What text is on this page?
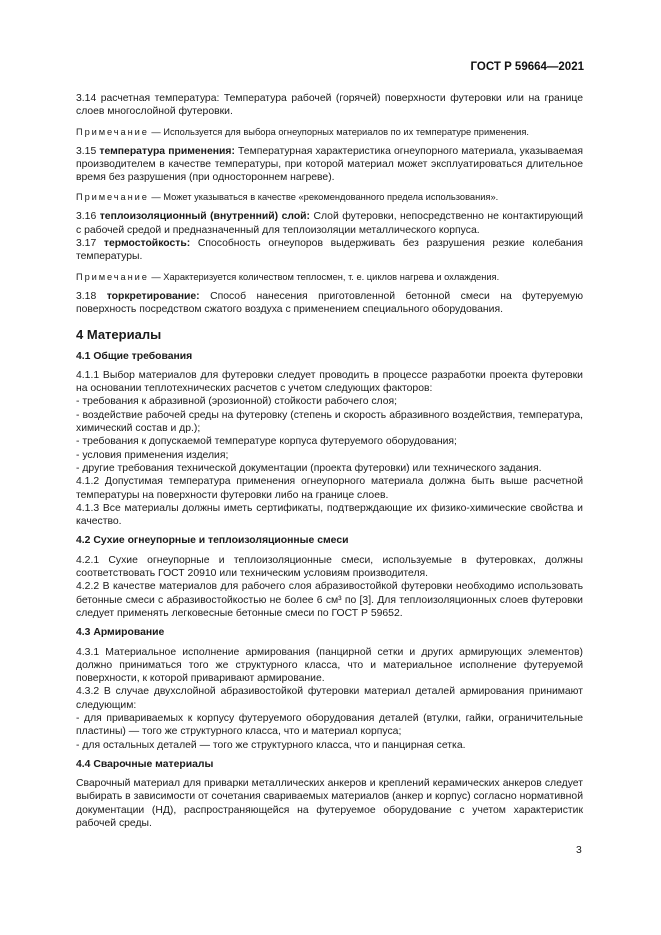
ГОСТ Р 59664—2021

3.14 расчетная температура: Температура рабочей (горячей) поверхности футеровки или на границе слоев многослойной футеровки.

Примечание — Используется для выбора огнеупорных материалов по их температуре применения.

3.15 температура применения: Температурная характеристика огнеупорного материала, указываемая производителем в качестве температуры, при которой материал может эксплуатироваться длительное время без разрушения (при одностороннем нагреве).

Примечание — Может указываться в качестве «рекомендованного предела использования».

3.16 теплоизоляционный (внутренний) слой: Слой футеровки, непосредственно не контактирующий с рабочей средой и предназначенный для теплоизоляции металлического корпуса.

3.17 термостойкость: Способность огнеупоров выдерживать без разрушения резкие колебания температуры.

Примечание — Характеризуется количеством теплосмен, т. е. циклов нагрева и охлаждения.

3.18 торкретирование: Способ нанесения приготовленной бетонной смеси на футеруемую поверхность посредством сжатого воздуха с применением специального оборудования.

4 Материалы
4.1 Общие требования

4.1.1 Выбор материалов для футеровки следует проводить в процессе разработки проекта футеровки на основании теплотехнических расчетов с учетом следующих факторов:

- требования к абразивной (эрозионной) стойкости рабочего слоя;

- воздействие рабочей среды на футеровку (степень и скорость абразивного воздействия, температура, химический состав и др.);

- требования к допускаемой температуре корпуса футеруемого оборудования;

- условия применения изделия;

- другие требования технической документации (проекта футеровки) или технического задания.

4.1.2 Допустимая температура применения огнеупорного материала должна быть выше расчетной температуры на поверхности футеровки либо на границе слоев.

4.1.3 Все материалы должны иметь сертификаты, подтверждающие их физико-химические свойства и качество.

4.2 Сухие огнеупорные и теплоизоляционные смеси

4.2.1 Сухие огнеупорные и теплоизоляционные смеси, используемые в футеровках, должны соответствовать ГОСТ 20910 или техническим условиям производителя.

4.2.2 В качестве материалов для рабочего слоя абразивостойкой футеровки необходимо использовать бетонные смеси с абразивостойкостью не более 6 см³ по [3]. Для теплоизоляционных слоев футеровки следует применять легковесные бетонные смеси по ГОСТ Р 59652.

4.3 Армирование

4.3.1 Материальное исполнение армирования (панцирной сетки и других армирующих элементов) должно приниматься того же структурного класса, что и материальное исполнение футеруемой поверхности, к которой приваривают армирование.

4.3.2 В случае двухслойной абразивостойкой футеровки материал деталей армирования принимают следующим:

- для привариваемых к корпусу футеруемого оборудования деталей (втулки, гайки, ограничительные пластины) — того же структурного класса, что и материал корпуса;

- для остальных деталей — того же структурного класса, что и панцирная сетка.

4.4 Сварочные материалы

Сварочный материал для приварки металлических анкеров и креплений керамических анкеров следует выбирать в зависимости от сочетания свариваемых материалов (анкер и корпус) согласно нормативной документации (НД), распространяющейся на футеруемое оборудование с учетом характеристик рабочей среды.

3
